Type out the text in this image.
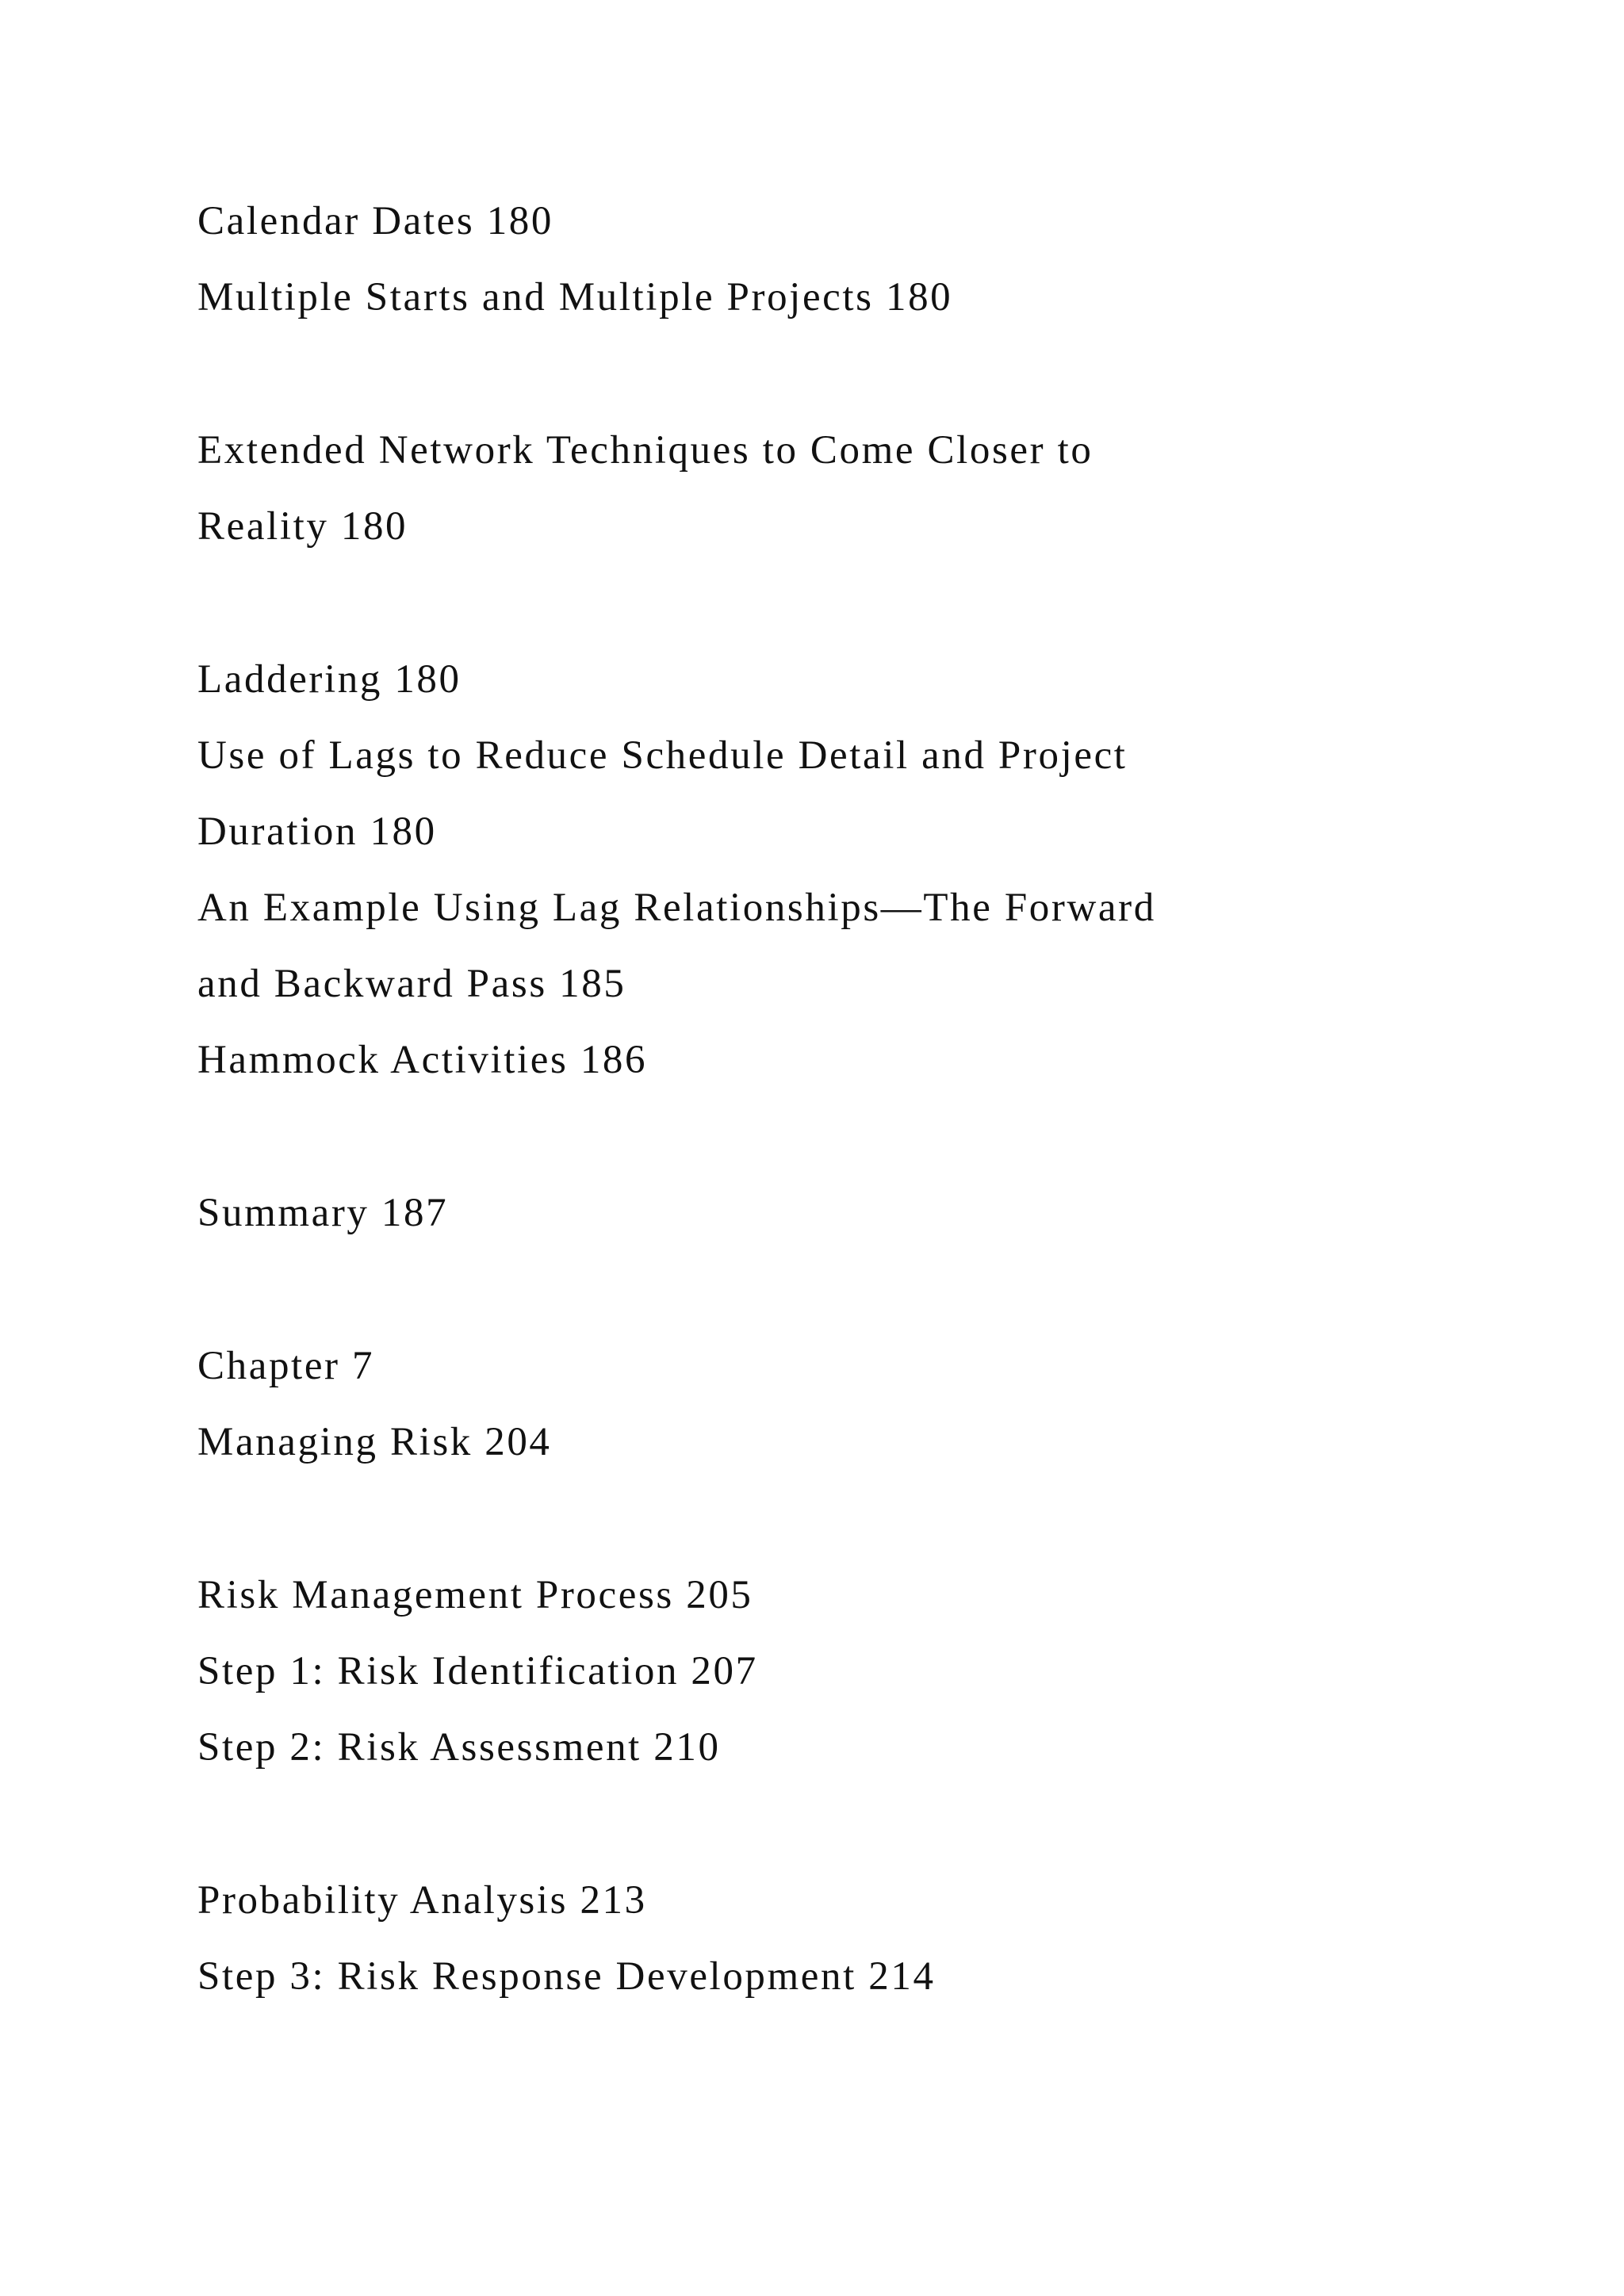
Calendar Dates 180
Multiple Starts and Multiple Projects 180
Extended Network Techniques to Come Closer to
Reality 180
Laddering 180
Use of Lags to Reduce Schedule Detail and Project
Duration 180
An Example Using Lag Relationships—The Forward
and Backward Pass 185
Hammock Activities 186
Summary 187
Chapter 7
Managing Risk 204
Risk Management Process 205
Step 1: Risk Identification 207
Step 2: Risk Assessment 210
Probability Analysis 213
Step 3: Risk Response Development 214
